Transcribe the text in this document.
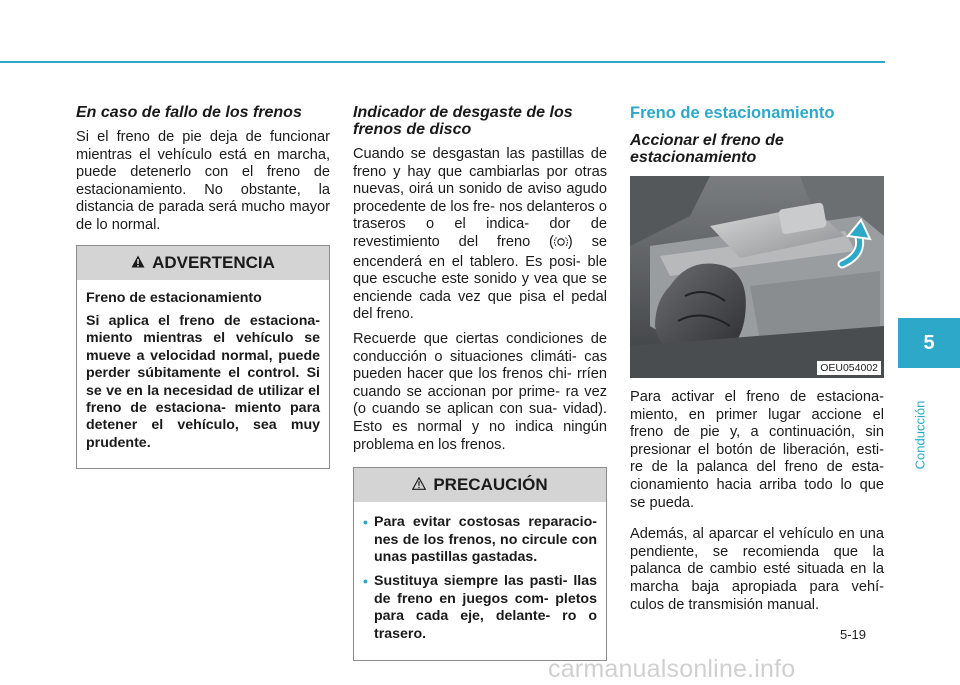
En caso de fallo de los frenos

Si el freno de pie deja de funcionar mientras el vehículo está en marcha, puede detenerlo con el freno de estacionamiento. No obstante, la distancia de parada será mucho mayor de lo normal.

ADVERTENCIA

Freno de estacionamiento

Si aplica el freno de estaciona- miento mientras el vehículo se mueve a velocidad normal, puede perder súbitamente el control. Si se ve en la necesidad de utilizar el freno de estaciona- miento para detener el vehículo, sea muy prudente.

Indicador de desgaste de los frenos de disco

Cuando se desgastan las pastillas de freno y hay que cambiarlas por otras nuevas, oirá un sonido de aviso agudo procedente de los fre- nos delanteros o traseros o el indica- dor de revestimiento del freno ( ) se encenderá en el tablero. Es posi- ble que escuche este sonido y vea que se enciende cada vez que pisa el pedal del freno.

Recuerde que ciertas condiciones de conducción o situaciones climáti- cas pueden hacer que los frenos chi- rríen cuando se accionan por prime- ra vez (o cuando se aplican con sua- vidad). Esto es normal y no indica ningún problema en los frenos.

PRECAUCIÓN
• Para evitar costosas reparacio- nes de los frenos, no circule con unas pastillas gastadas.
• Sustituya siempre las pasti- llas de freno en juegos com- pletos para cada eje, delante- ro o trasero.
Freno de estacionamiento
Accionar el freno de estacionamiento
OEU054002

Para activar el freno de estaciona- miento, en primer lugar accione el freno de pie y, a continuación, sin presionar el botón de liberación, esti- re de la palanca del freno de esta- cionamiento hacia arriba todo lo que se pueda.

Además, al aparcar el vehículo en una pendiente, se recomienda que la palanca de cambio esté situada en la marcha baja apropiada para vehí- culos de transmisión manual.

5
Conducción
5-19
carmanualsonline.info
